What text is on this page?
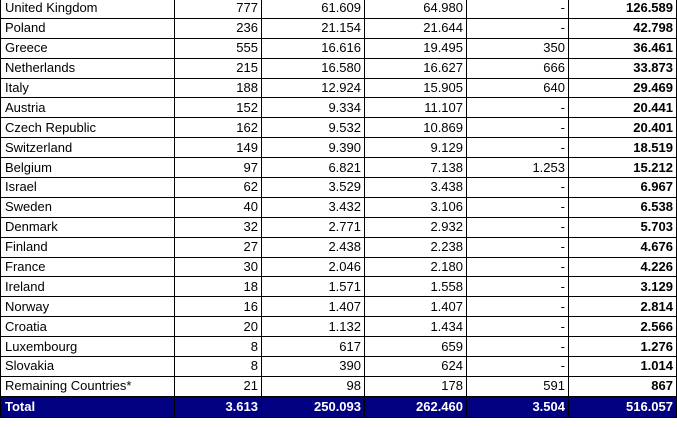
United Kingdom	777	61.609	64.980	-	126.589
Poland	236	21.154	21.644	-	42.798
Greece	555	16.616	19.495	350	36.461
Netherlands	215	16.580	16.627	666	33.873
Italy	188	12.924	15.905	640	29.469
Austria	152	9.334	11.107	-	20.441
Czech Republic	162	9.532	10.869	-	20.401
Switzerland	149	9.390	9.129	-	18.519
Belgium	97	6.821	7.138	1.253	15.212
Israel	62	3.529	3.438	-	6.967
Sweden	40	3.432	3.106	-	6.538
Denmark	32	2.771	2.932	-	5.703
Finland	27	2.438	2.238	-	4.676
France	30	2.046	2.180	-	4.226
Ireland	18	1.571	1.558	-	3.129
Norway	16	1.407	1.407	-	2.814
Croatia	20	1.132	1.434	-	2.566
Luxembourg	8	617	659	-	1.276
Slovakia	8	390	624	-	1.014
Remaining Countries*	21	98	178	591	867
Total	3.613	250.093	262.460	3.504	516.057
